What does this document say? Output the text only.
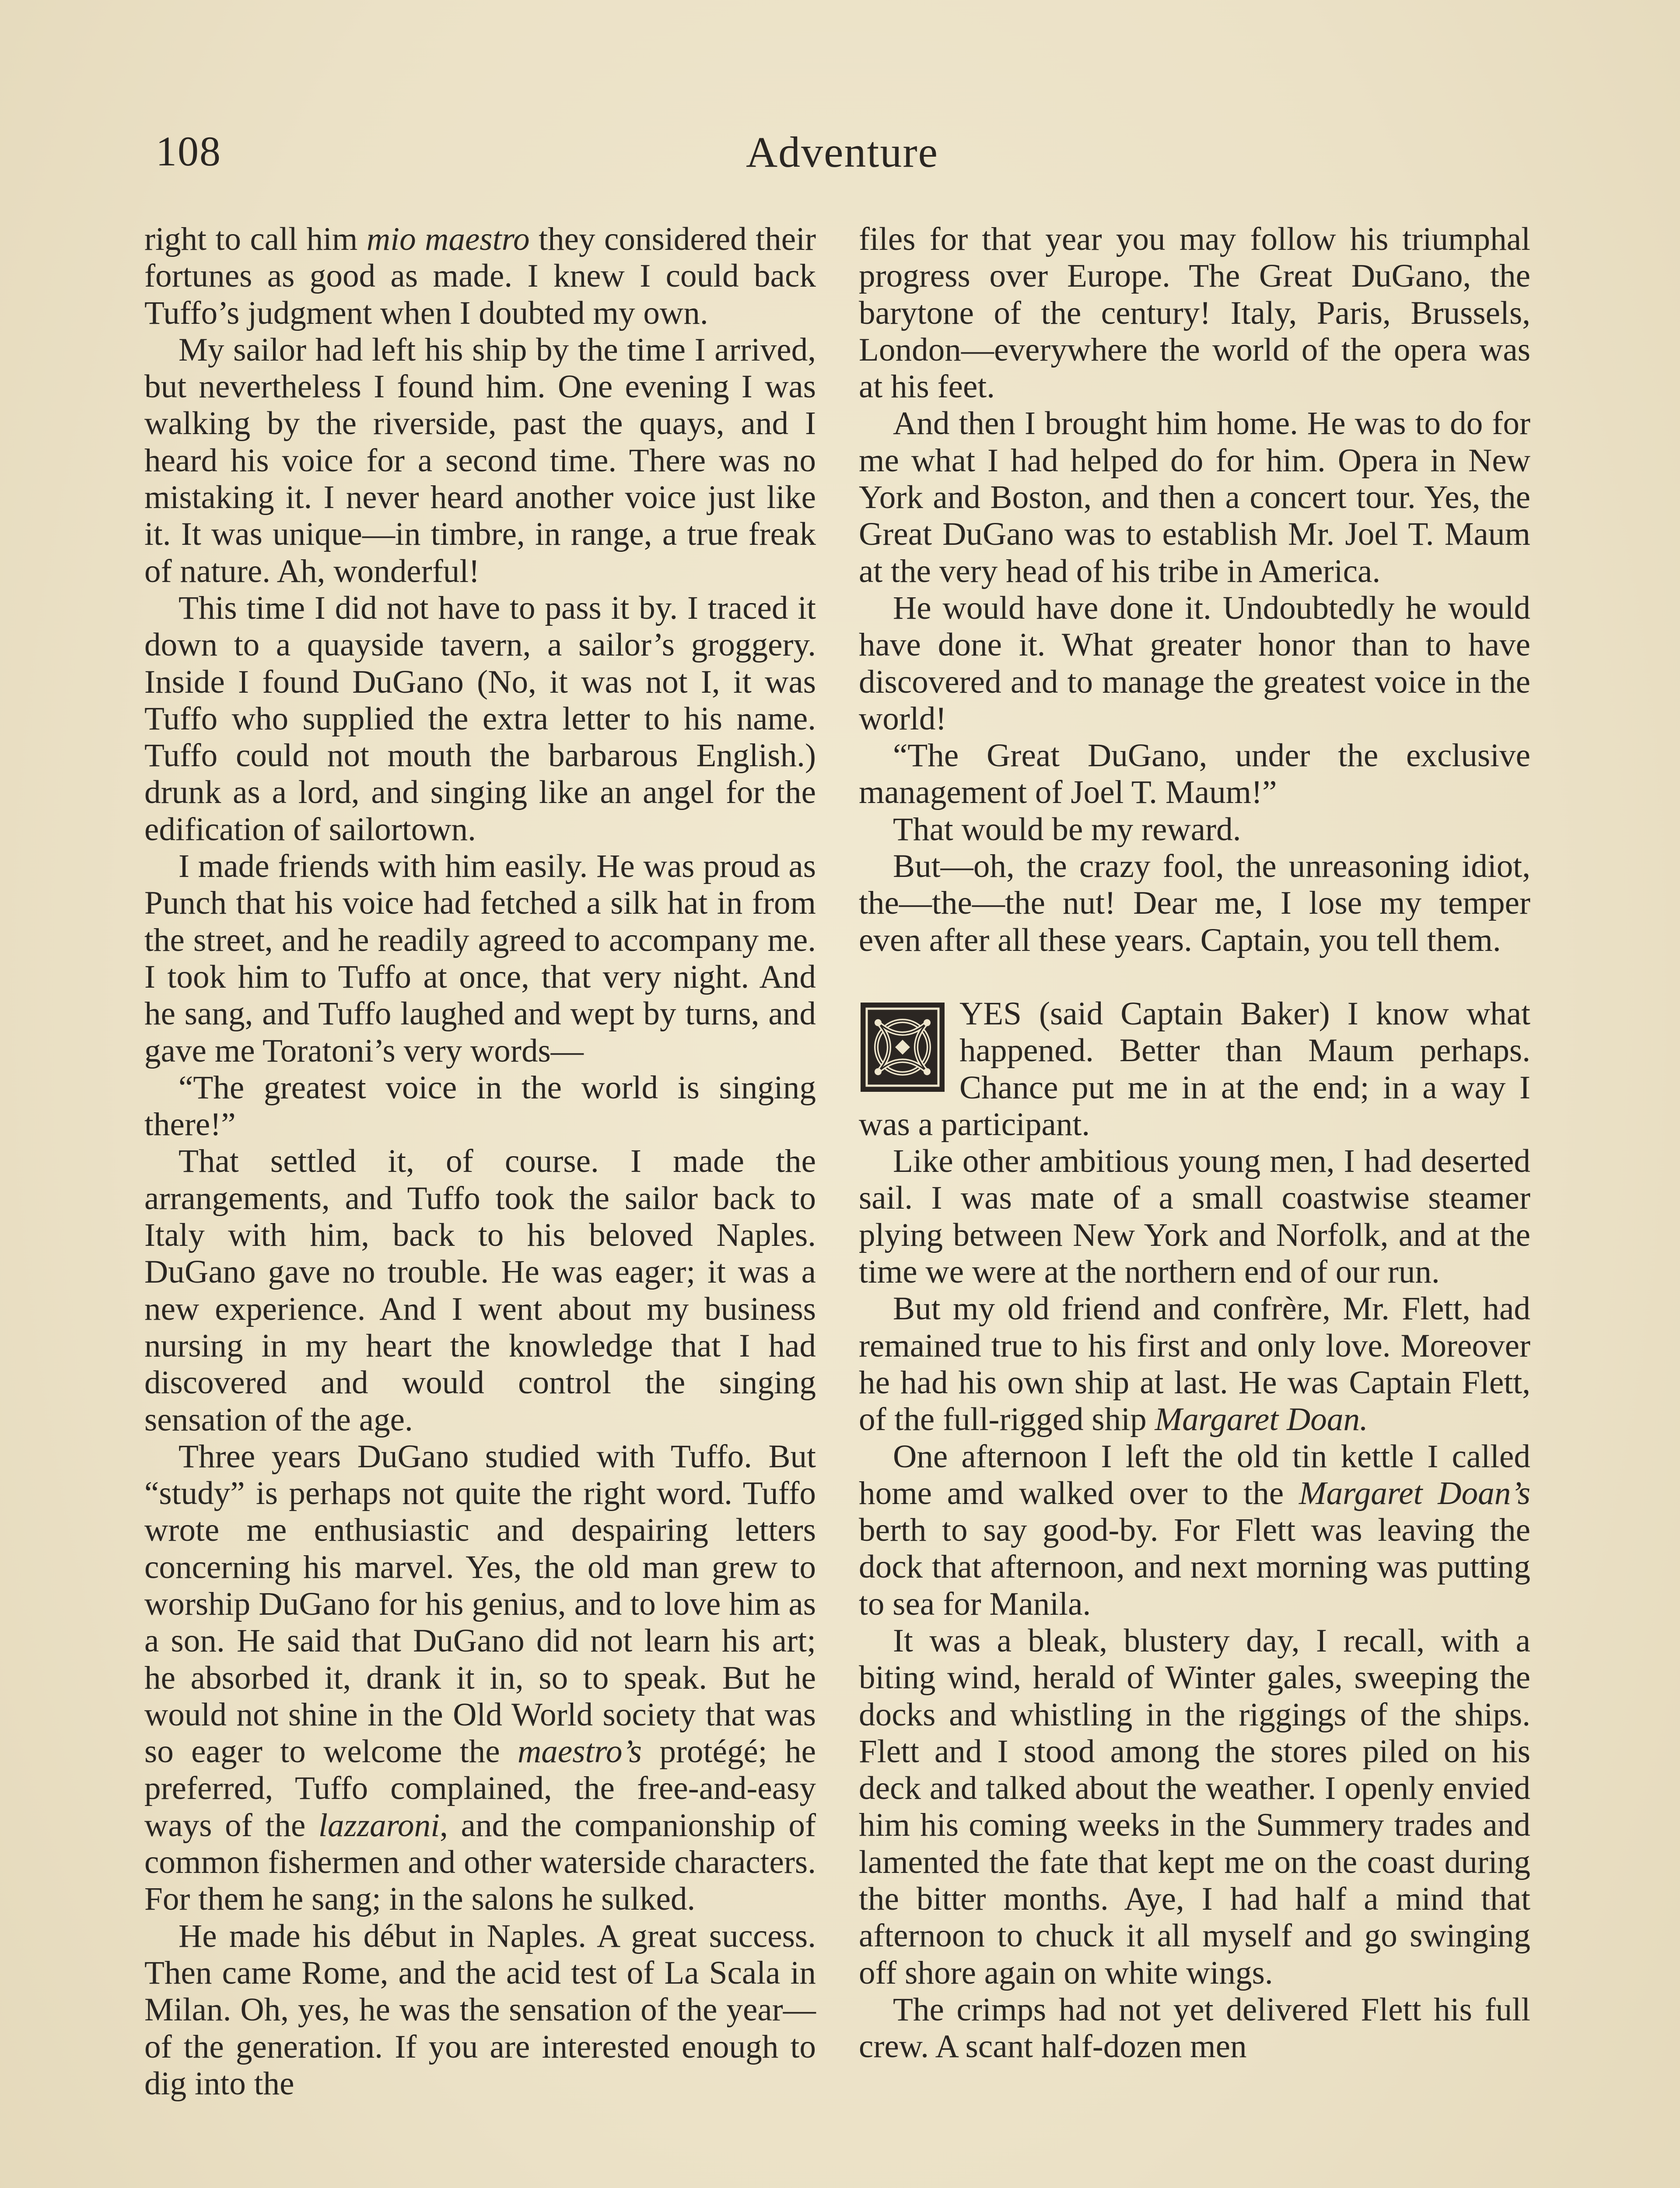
108	Adventure

right to call him mio maestro they considered their fortunes as good as made. I knew I could back Tuffo’s judgment when I doubted my own.

My sailor had left his ship by the time I arrived, but nevertheless I found him. One evening I was walking by the riverside, past the quays, and I heard his voice for a second time. There was no mistaking it. I never heard another voice just like it. It was unique—in timbre, in range, a true freak of nature. Ah, wonderful!

This time I did not have to pass it by. I traced it down to a quayside tavern, a sailor’s groggery. Inside I found DuGano (No, it was not I, it was Tuffo who supplied the extra letter to his name. Tuffo could not mouth the barbarous English.) drunk as a lord, and singing like an angel for the edification of sailortown.

I made friends with him easily. He was proud as Punch that his voice had fetched a silk hat in from the street, and he readily agreed to accompany me. I took him to Tuffo at once, that very night. And he sang, and Tuffo laughed and wept by turns, and gave me Toratoni’s very words—

“The greatest voice in the world is singing there!”

That settled it, of course. I made the arrangements, and Tuffo took the sailor back to Italy with him, back to his beloved Naples. DuGano gave no trouble. He was eager; it was a new experience. And I went about my business nursing in my heart the knowledge that I had discovered and would control the singing sensation of the age.

Three years DuGano studied with Tuffo. But “study” is perhaps not quite the right word. Tuffo wrote me enthusiastic and despairing letters concerning his marvel. Yes, the old man grew to worship DuGano for his genius, and to love him as a son. He said that DuGano did not learn his art; he absorbed it, drank it in, so to speak. But he would not shine in the Old World society that was so eager to welcome the maestro’s protégé; he preferred, Tuffo complained, the free-and-easy ways of the lazzaroni, and the companionship of common fishermen and other waterside characters. For them he sang; in the salons he sulked.

He made his début in Naples. A great success. Then came Rome, and the acid test of La Scala in Milan. Oh, yes, he was the sensation of the year—of the generation. If you are interested enough to dig into the

files for that year you may follow his triumphal progress over Europe. The Great DuGano, the barytone of the century! Italy, Paris, Brussels, London—everywhere the world of the opera was at his feet.

And then I brought him home. He was to do for me what I had helped do for him. Opera in New York and Boston, and then a concert tour. Yes, the Great DuGano was to establish Mr. Joel T. Maum at the very head of his tribe in America.

He would have done it. Undoubtedly he would have done it. What greater honor than to have discovered and to manage the greatest voice in the world!

“The Great DuGano, under the exclusive management of Joel T. Maum!”

That would be my reward.

But—oh, the crazy fool, the unreasoning idiot, the—the—the nut! Dear me, I lose my temper even after all these years. Captain, you tell them.

YES (said Captain Baker) I know what happened. Better than Maum perhaps. Chance put me in at the end; in a way I was a participant.

Like other ambitious young men, I had deserted sail. I was mate of a small coastwise steamer plying between New York and Norfolk, and at the time we were at the northern end of our run.

But my old friend and confrère, Mr. Flett, had remained true to his first and only love. Moreover he had his own ship at last. He was Captain Flett, of the full-rigged ship Margaret Doan.

One afternoon I left the old tin kettle I called home amd walked over to the Margaret Doan’s berth to say good-by. For Flett was leaving the dock that afternoon, and next morning was putting to sea for Manila.

It was a bleak, blustery day, I recall, with a biting wind, herald of Winter gales, sweeping the docks and whistling in the riggings of the ships. Flett and I stood among the stores piled on his deck and talked about the weather. I openly envied him his coming weeks in the Summery trades and lamented the fate that kept me on the coast during the bitter months. Aye, I had half a mind that afternoon to chuck it all myself and go swinging off shore again on white wings.

The crimps had not yet delivered Flett his full crew. A scant half-dozen men
